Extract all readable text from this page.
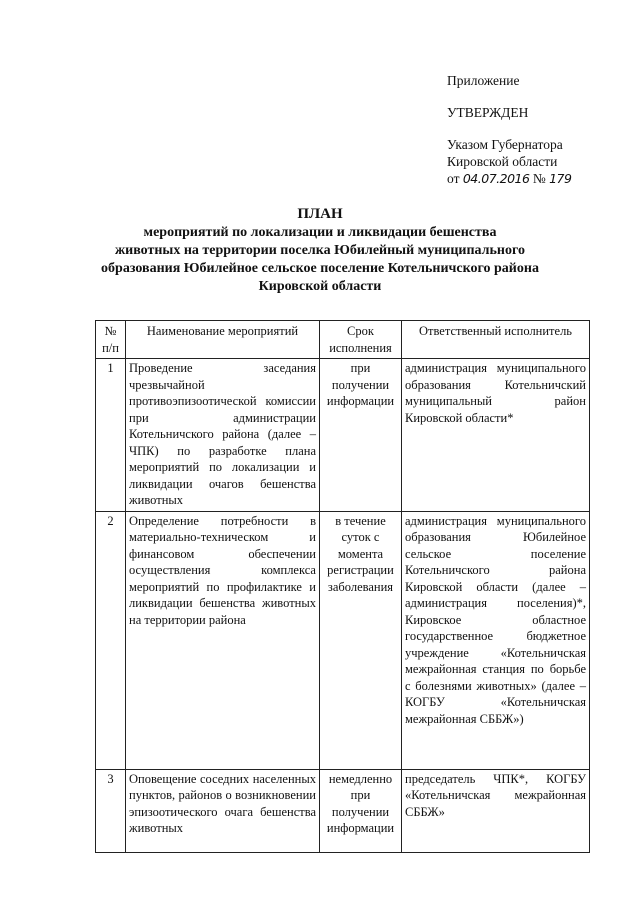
Приложение
УТВЕРЖДЕН
Указом Губернатора
Кировской области
от 04.07.2016 № 179
ПЛАН
мероприятий по локализации и ликвидации бешенства
животных на территории поселка Юбилейный муниципального
образования Юбилейное сельское поселение Котельничского района
Кировской области
№ п/п	Наименование мероприятий	Срок исполнения	Ответственный исполнитель
1	Проведение заседания чрезвычайной противоэпизоотической комиссии при администрации Котельничского района (далее – ЧПК) по разработке плана мероприятий по локализации и ликвидации очагов бешенства животных	при получении информации	администрация муниципального образования Котельничский муниципальный район Кировской области*
2	Определение потребности в материально-техническом и финансовом обеспечении осуществления комплекса мероприятий по профилактике и ликвидации бешенства животных на территории района	в течение суток с момента регистрации заболевания	администрация муниципального образования Юбилейное сельское поселение Котельничского района Кировской области (далее – администрация поселения)*, Кировское областное государственное бюджетное учреждение «Котельничская межрайонная станция по борьбе с болезнями животных» (далее – КОГБУ «Котельничская межрайонная СББЖ»)
3	Оповещение соседних населенных пунктов, районов о возникновении эпизоотического очага бешенства животных	немедленно при получении информации	председатель ЧПК*, КОГБУ «Котельничская межрайонная СББЖ»
